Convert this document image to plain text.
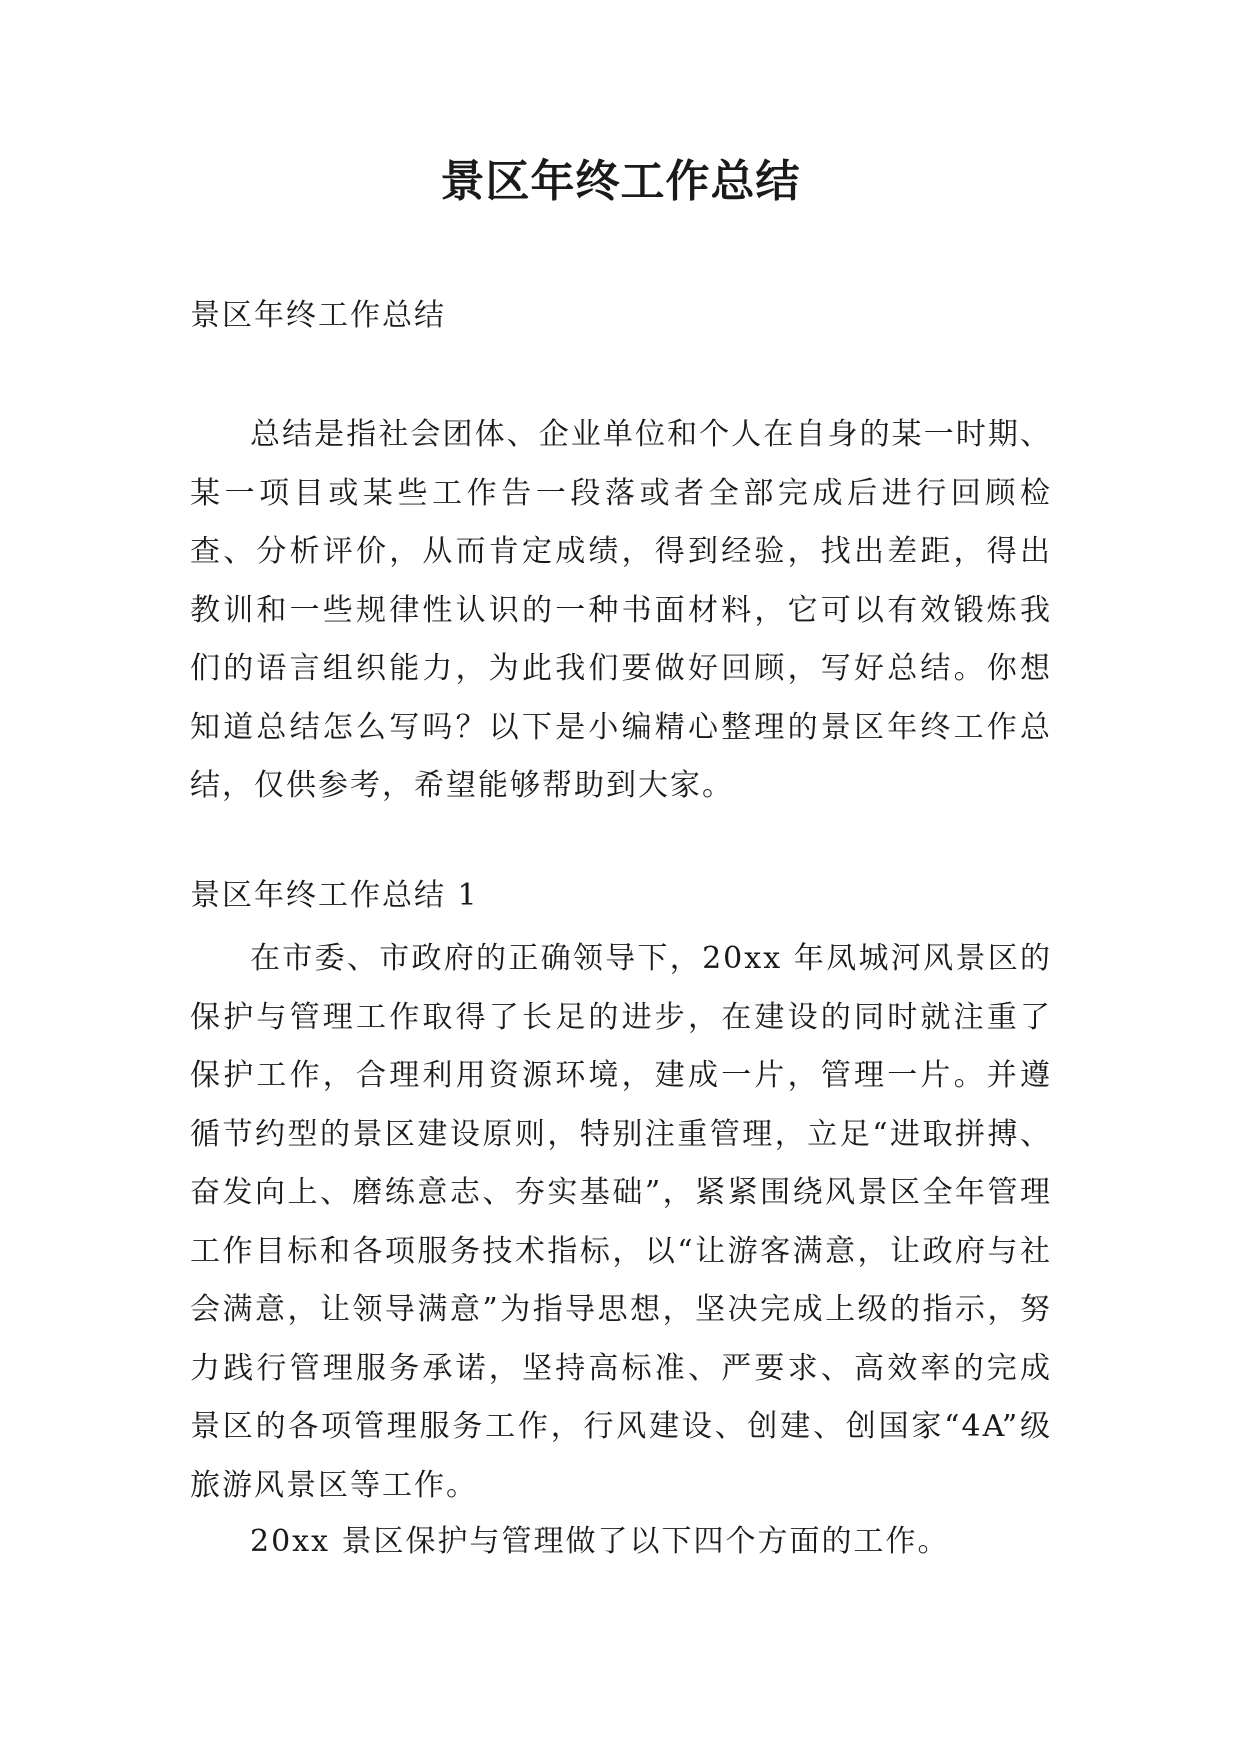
景区年终工作总结

景区年终工作总结

总结是指社会团体、企业单位和个人在自身的某一时期、某一项目或某些工作告一段落或者全部完成后进行回顾检查、分析评价，从而肯定成绩，得到经验，找出差距，得出教训和一些规律性认识的一种书面材料，它可以有效锻炼我们的语言组织能力，为此我们要做好回顾，写好总结。你想知道总结怎么写吗？以下是小编精心整理的景区年终工作总结，仅供参考，希望能够帮助到大家。

景区年终工作总结 1

在市委、市政府的正确领导下，20xx 年凤城河风景区的保护与管理工作取得了长足的进步，在建设的同时就注重了保护工作，合理利用资源环境，建成一片，管理一片。并遵循节约型的景区建设原则，特别注重管理，立足“进取拼搏、奋发向上、磨练意志、夯实基础”，紧紧围绕风景区全年管理工作目标和各项服务技术指标，以“让游客满意，让政府与社会满意，让领导满意”为指导思想，坚决完成上级的指示，努力践行管理服务承诺，坚持高标准、严要求、高效率的完成景区的各项管理服务工作，行风建设、创建、创国家“4A”级旅游风景区等工作。

20xx 景区保护与管理做了以下四个方面的工作。
